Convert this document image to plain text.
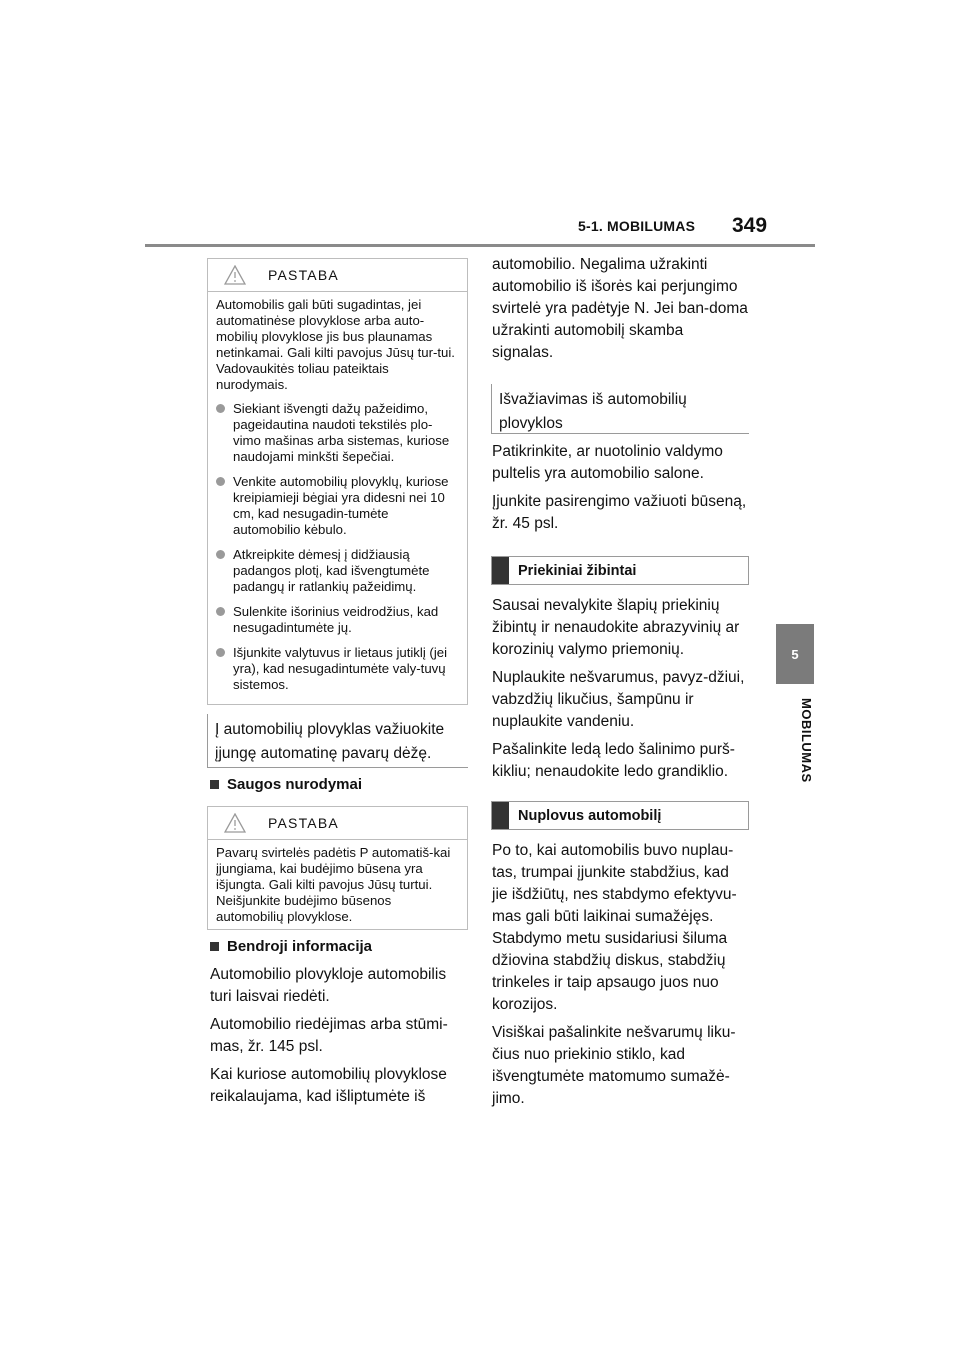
5-1. MOBILUMAS 349
5
MOBILUMAS
PASTABA

Automobilis gali būti sugadintas, jei automatinėse plovyklose arba auto-mobilių plovyklose jis bus plaunamas netinkamai. Gali kilti pavojus Jūsų tur-tui. Vadovaukitės toliau pateiktais nurodymais.

Siekiant išvengti dažų pažeidimo, pageidautina naudoti tekstilės plo-vimo mašinas arba sistemas, kuriose naudojami minkšti šepečiai.
Venkite automobilių plovyklų, kuriose kreipiamieji bėgiai yra didesni nei 10 cm, kad nesugadin-tumėte automobilio kėbulo.
Atkreipkite dėmesį į didžiausią padangos plotį, kad išvengtumėte padangų ir ratlankių pažeidimų.
Sulenkite išorinius veidrodžius, kad nesugadintumėte jų.
Išjunkite valytuvus ir lietaus jutiklį (jei yra), kad nesugadintumėte valy-tuvų sistemos.
Į automobilių plovyklas važiuokite įjungę automatinę pavarų dėžę.
Saugos nurodymai
PASTABA

Pavarų svirtelės padėtis P automatiš-kai įjungiama, kai budėjimo būsena yra išjungta. Gali kilti pavojus Jūsų turtui. Neišjunkite budėjimo būsenos automobilių plovyklose.

Bendroji informacija

Automobilio plovykloje automobilis turi laisvai riedėti.

Automobilio riedėjimas arba stūmi-mas, žr. 145 psl.

Kai kuriose automobilių plovyklose reikalaujama, kad išliptumėte iš

automobilio. Negalima užrakinti automobilio iš išorės kai perjungimo svirtelė yra padėtyje N. Jei ban-doma užrakinti automobilį skamba signalas.

Išvažiavimas iš automobilių plovyklos

Patikrinkite, ar nuotolinio valdymo pultelis yra automobilio salone.

Įjunkite pasirengimo važiuoti būseną, žr. 45 psl.

Priekiniai žibintai

Sausai nevalykite šlapių priekinių žibintų ir nenaudokite abrazyvinių ar korozinių valymo priemonių.

Nuplaukite nešvarumus, pavyz-džiui, vabzdžių likučius, šampūnu ir nuplaukite vandeniu.

Pašalinkite ledą ledo šalinimo purš-kikliu; nenaudokite ledo grandiklio.

Nuplovus automobilį

Po to, kai automobilis buvo nuplau-tas, trumpai įjunkite stabdžius, kad jie išdžiūtų, nes stabdymo efektyvu-mas gali būti laikinai sumažėjęs. Stabdymo metu susidariusi šiluma džiovina stabdžių diskus, stabdžių trinkeles ir taip apsaugo juos nuo korozijos.

Visiškai pašalinkite nešvarumų liku-čius nuo priekinio stiklo, kad išvengtumėte matomumo sumažė-jimo.
